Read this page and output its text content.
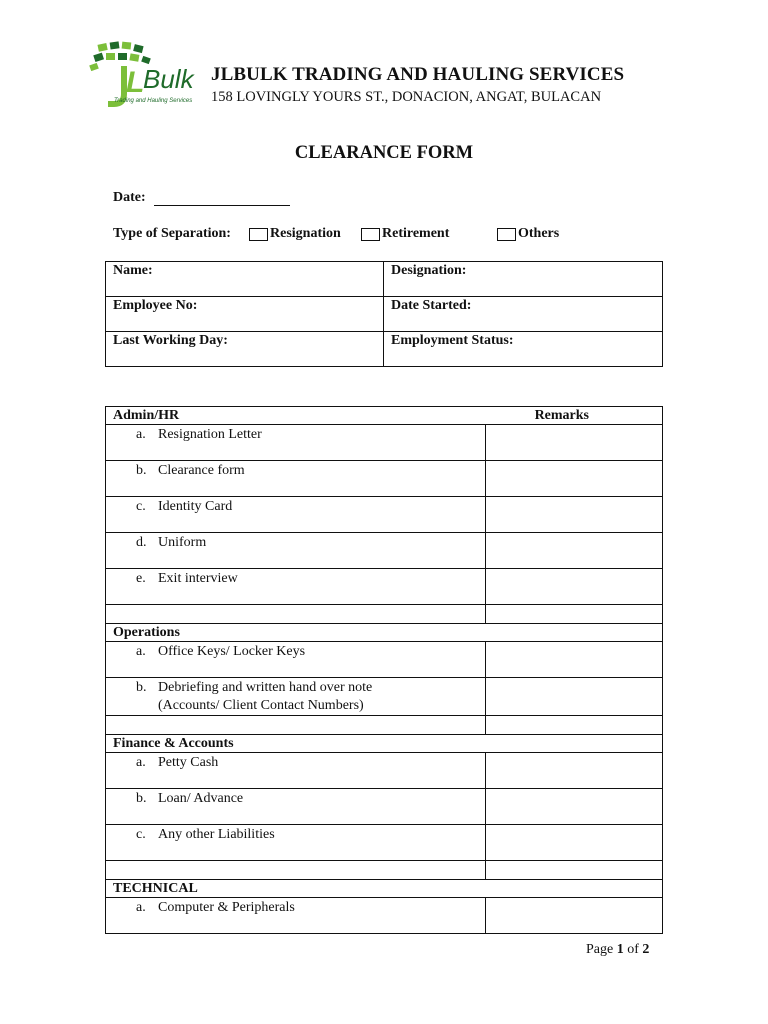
L
Bulk
Trading and Hauling Services
JLBULK TRADING AND HAULING SERVICES
158 LOVINGLY YOURS ST., DONACION, ANGAT, BULACAN
CLEARANCE FORM
Date:
Type of Separation:	Resignation	Retirement	Others
Name:	Designation:
Employee No:	Date Started:
Last Working Day:	Employment Status:
Admin/HR	Remarks

a. Resignation Letter	

b. Clearance form	

c. Identity Card	

d. Uniform	

e. Exit interview	

Operations	

a. Office Keys/ Locker Keys	

b. Debriefing and written hand over note
(Accounts/ Client Contact Numbers)	

Finance & Accounts	

a. Petty Cash	

b. Loan/ Advance	

c. Any other Liabilities	

TECHNICAL	

a. Computer & Peripherals	
Page 1 of 2
